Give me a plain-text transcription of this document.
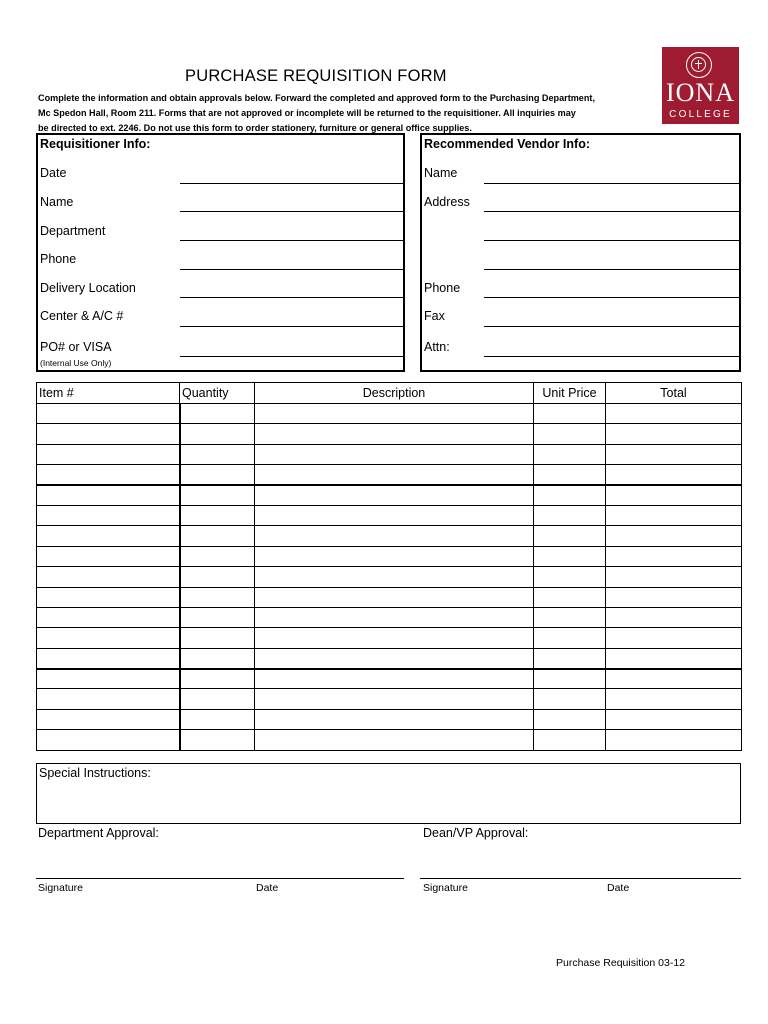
PURCHASE REQUISITION FORM
Complete the information and obtain approvals below. Forward the completed and approved form to the Purchasing Department,
Mc Spedon Hall, Room 211. Forms that are not approved or incomplete will be returned to the requisitioner. All inquiries may
be directed to ext. 2246. Do not use this form to order stationery, furniture or general office supplies.
IONA
COLLEGE
Requisitioner Info:
Date
Name
Department
Phone
Delivery Location
Center & A/C #
PO# or VISA
(Internal Use Only)
Recommended Vendor Info:
Name
Address
Phone
Fax
Attn:
Item #	Quantity	Description	Unit Price	Total

Special Instructions:
Department Approval:
Signature	Date
Dean/VP Approval:
Signature	Date
Purchase Requisition 03-12
